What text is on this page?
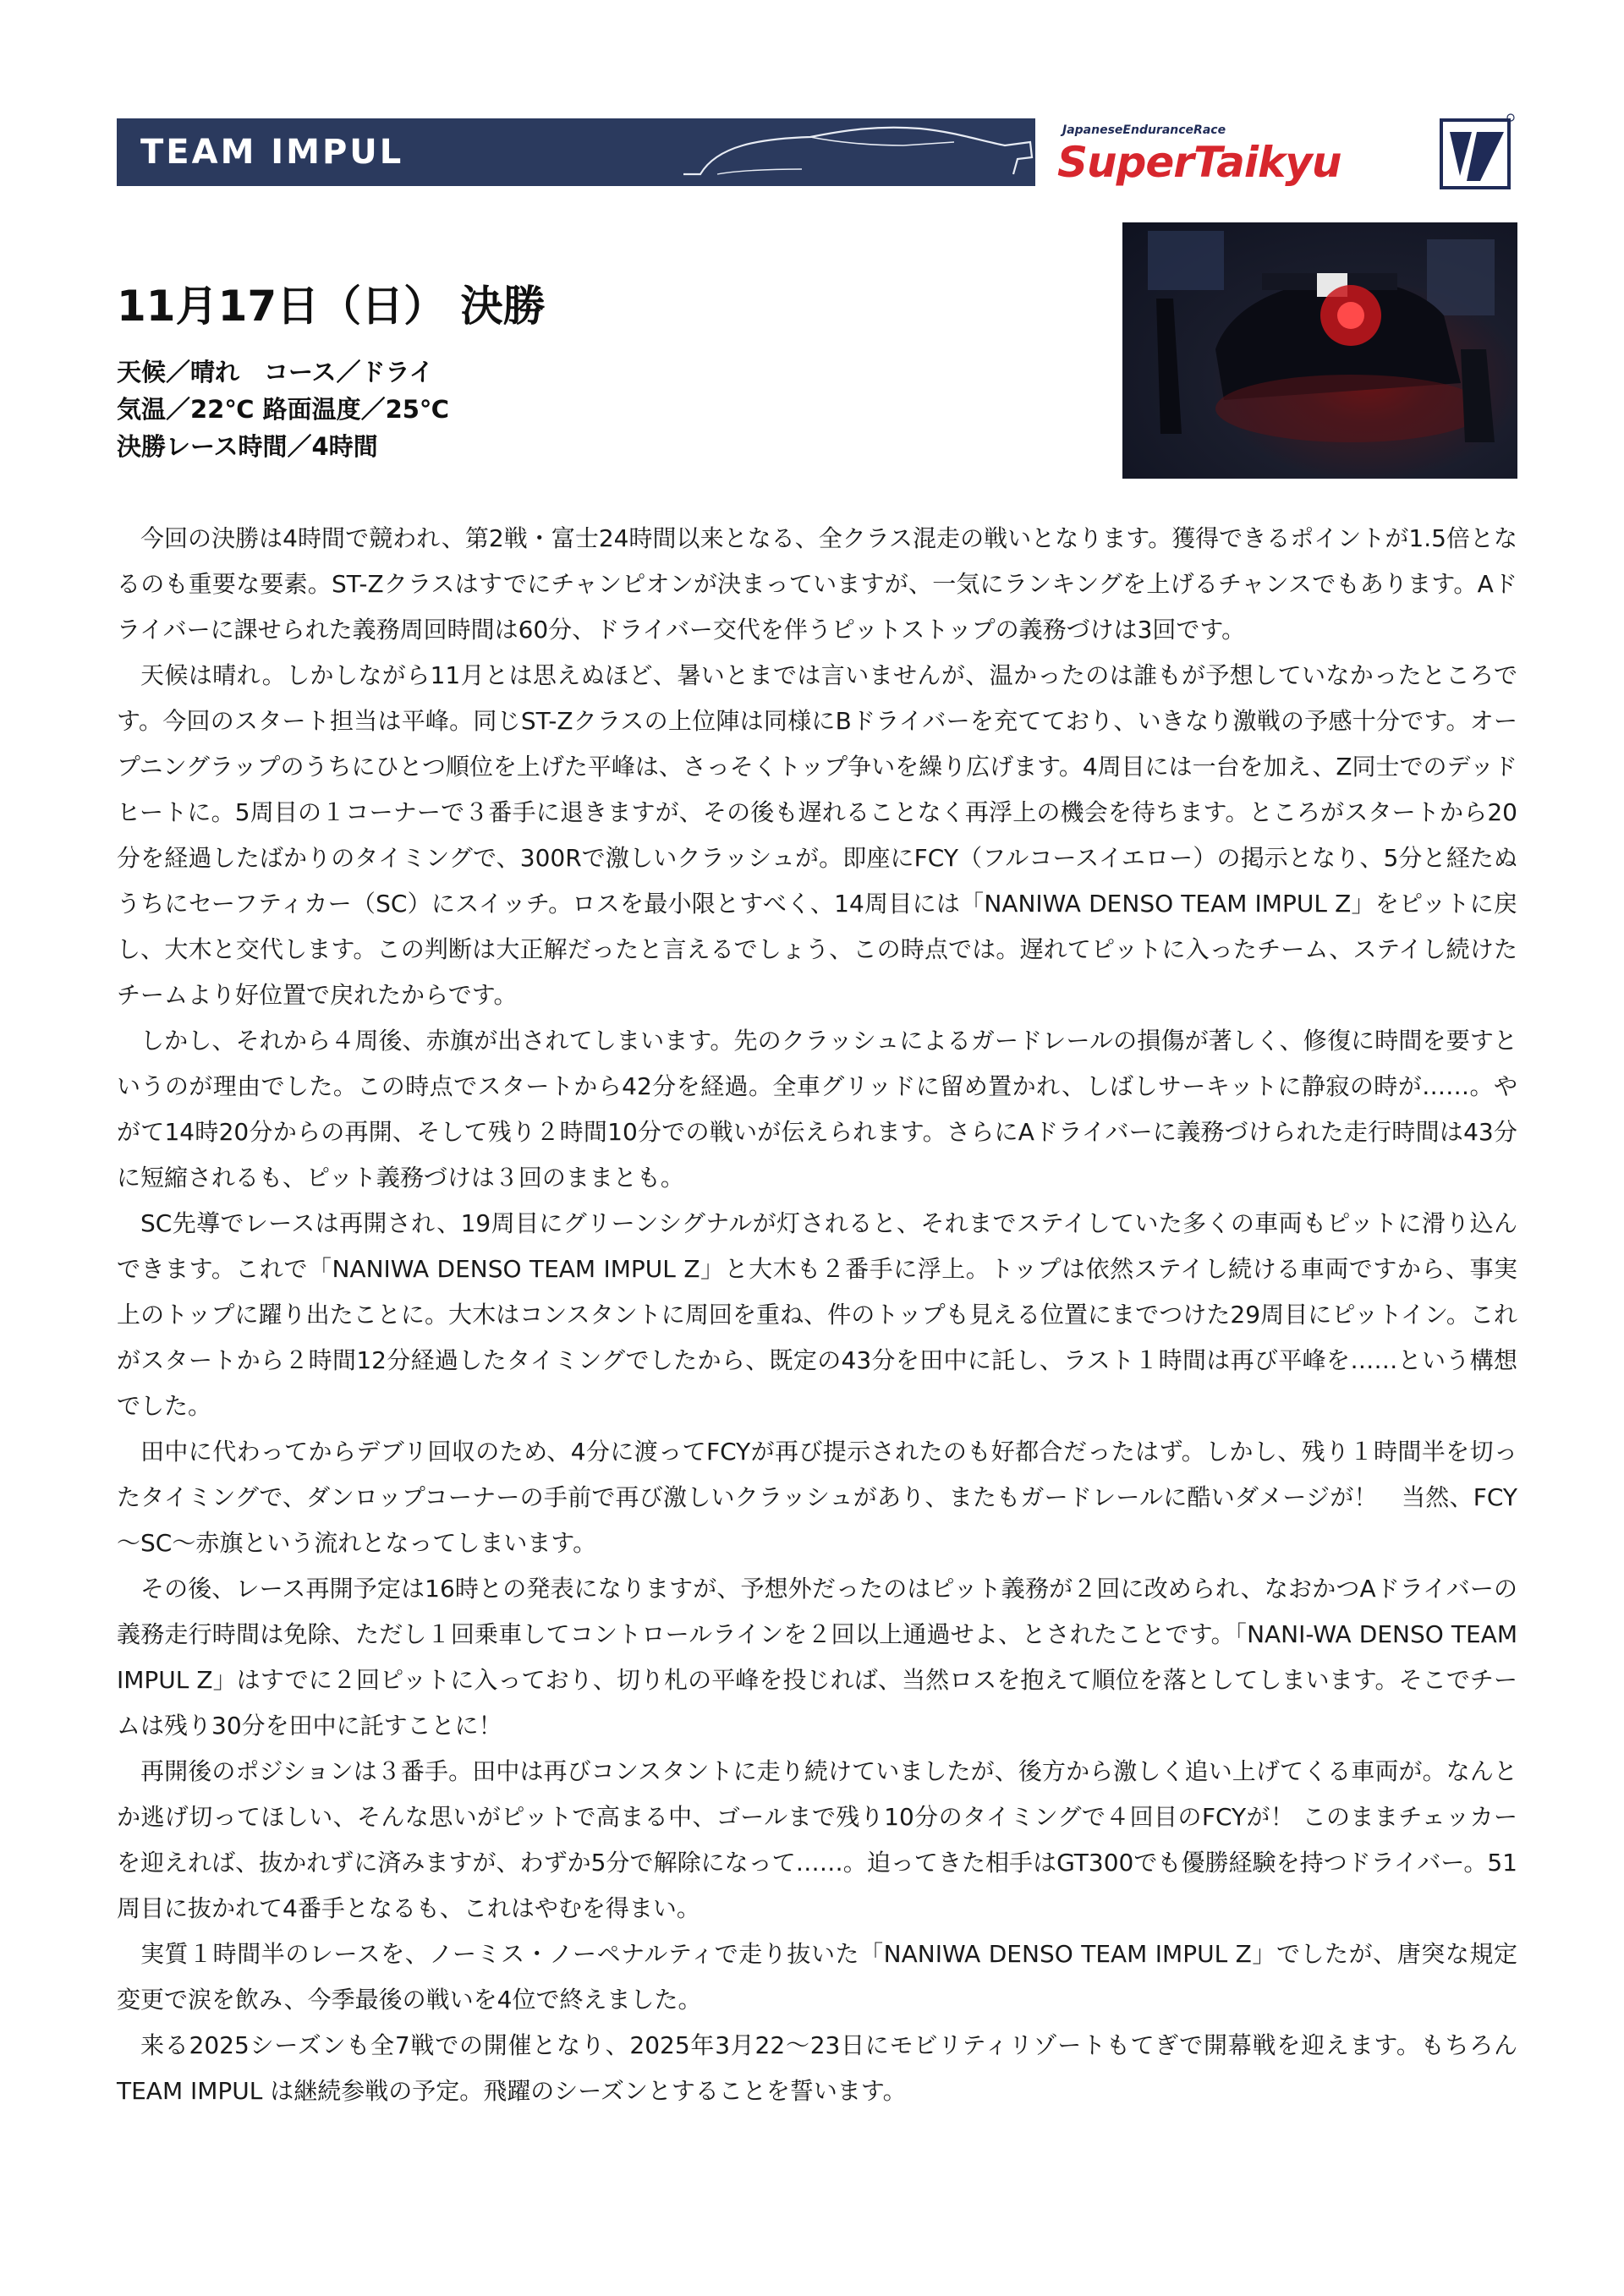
TEAM IMPUL
JapaneseEnduranceRace
SuperTaikyu
11月17日（日） 決勝
天候／晴れ　コース／ドライ
気温／22℃ 路面温度／25℃
決勝レース時間／4時間

今回の決勝は4時間で競われ、第2戦・富士24時間以来となる、全クラス混走の戦いとなります。獲得できるポイントが1.5倍となるのも重要な要素。ST-Zクラスはすでにチャンピオンが決まっていますが、一気にランキングを上げるチャンスでもあります。Aドライバーに課せられた義務周回時間は60分、ドライバー交代を伴うピットストップの義務づけは3回です。

天候は晴れ。しかしながら11月とは思えぬほど、暑いとまでは言いませんが、温かったのは誰もが予想していなかったところです。今回のスタート担当は平峰。同じST-Zクラスの上位陣は同様にBドライバーを充てており、いきなり激戦の予感十分です。オープニングラップのうちにひとつ順位を上げた平峰は、さっそくトップ争いを繰り広げます。4周目には一台を加え、Z同士でのデッドヒートに。5周目の１コーナーで３番手に退きますが、その後も遅れることなく再浮上の機会を待ちます。ところがスタートから20分を経過したばかりのタイミングで、300Rで激しいクラッシュが。即座にFCY（フルコースイエロー）の掲示となり、5分と経たぬうちにセーフティカー（SC）にスイッチ。ロスを最小限とすべく、14周目には「NANIWA DENSO TEAM IMPUL Z」をピットに戻し、大木と交代します。この判断は大正解だったと言えるでしょう、この時点では。遅れてピットに入ったチーム、ステイし続けたチームより好位置で戻れたからです。

しかし、それから４周後、赤旗が出されてしまいます。先のクラッシュによるガードレールの損傷が著しく、修復に時間を要すというのが理由でした。この時点でスタートから42分を経過。全車グリッドに留め置かれ、しばしサーキットに静寂の時が……。やがて14時20分からの再開、そして残り２時間10分での戦いが伝えられます。さらにAドライバーに義務づけられた走行時間は43分に短縮されるも、ピット義務づけは３回のままとも。

SC先導でレースは再開され、19周目にグリーンシグナルが灯されると、それまでステイしていた多くの車両もピットに滑り込んできます。これで「NANIWA DENSO TEAM IMPUL Z」と大木も２番手に浮上。トップは依然ステイし続ける車両ですから、事実上のトップに躍り出たことに。大木はコンスタントに周回を重ね、件のトップも見える位置にまでつけた29周目にピットイン。これがスタートから２時間12分経過したタイミングでしたから、既定の43分を田中に託し、ラスト１時間は再び平峰を……という構想でした。

田中に代わってからデブリ回収のため、4分に渡ってFCYが再び提示されたのも好都合だったはず。しかし、残り１時間半を切ったタイミングで、ダンロップコーナーの手前で再び激しいクラッシュがあり、またもガードレールに酷いダメージが！　当然、FCY～SC～赤旗という流れとなってしまいます。

その後、レース再開予定は16時との発表になりますが、予想外だったのはピット義務が２回に改められ、なおかつAドライバーの義務走行時間は免除、ただし１回乗車してコントロールラインを２回以上通過せよ、とされたことです。「NANI-WA DENSO TEAM IMPUL Z」はすでに２回ピットに入っており、切り札の平峰を投じれば、当然ロスを抱えて順位を落としてしまいます。そこでチームは残り30分を田中に託すことに！

再開後のポジションは３番手。田中は再びコンスタントに走り続けていましたが、後方から激しく追い上げてくる車両が。なんとか逃げ切ってほしい、そんな思いがピットで高まる中、ゴールまで残り10分のタイミングで４回目のFCYが！ このままチェッカーを迎えれば、抜かれずに済みますが、わずか5分で解除になって……。迫ってきた相手はGT300でも優勝経験を持つドライバー。51周目に抜かれて4番手となるも、これはやむを得まい。

実質１時間半のレースを、ノーミス・ノーペナルティで走り抜いた「NANIWA DENSO TEAM IMPUL Z」でしたが、唐突な規定変更で涙を飲み、今季最後の戦いを4位で終えました。

来る2025シーズンも全7戦での開催となり、2025年3月22～23日にモビリティリゾートもてぎで開幕戦を迎えます。もちろんTEAM IMPUL は継続参戦の予定。飛躍のシーズンとすることを誓います。
